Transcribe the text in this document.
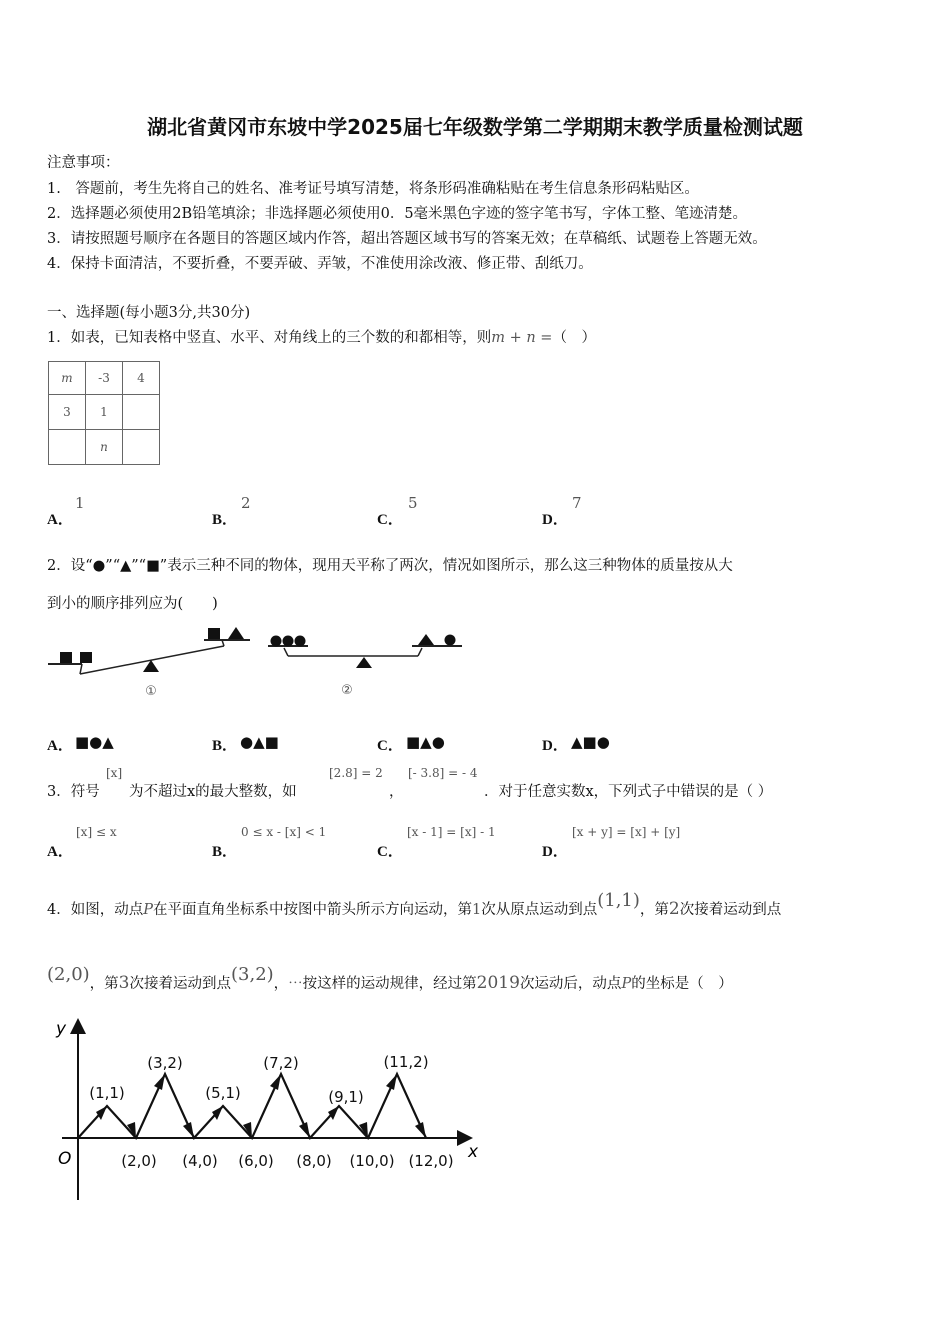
湖北省黄冈市东坡中学2025届七年级数学第二学期期末教学质量检测试题
注意事项：
1.　答题前，考生先将自己的姓名、准考证号填写清楚，将条形码准确粘贴在考生信息条形码粘贴区。
2．选择题必须使用2B铅笔填涂；非选择题必须使用0．5毫米黑色字迹的签字笔书写，字体工整、笔迹清楚。
3．请按照题号顺序在各题目的答题区域内作答，超出答题区域书写的答案无效；在草稿纸、试题卷上答题无效。
4．保持卡面清洁，不要折叠，不要弄破、弄皱，不准使用涂改液、修正带、刮纸刀。
一、选择题(每小题3分,共30分)
1．如表，已知表格中竖直、水平、对角线上的三个数的和都相等，则m + n =（　）
m	-3	4
3	1	
	n	
A．
1
B．
2
C．
5
D．
7
2．设“●”“▲”“■”表示三种不同的物体，现用天平称了两次，情况如图所示，那么这三种物体的质量按从大
到小的顺序排列应为(　　)
①	②
A． ■●▲	B． ●▲■	C． ■▲●	D． ▲■●
3．符号
[x]
为不超过x的最大整数，如
[2.8] = 2
，
[- 3.8] = - 4
．对于任意实数x，下列式子中错误的是（ ）
A．
[x] ≤ x
B．
0 ≤ x - [x] < 1
C．
[x - 1] = [x] - 1
D．
[x + y] = [x] + [y]
4．如图，动点P在平面直角坐标系中按图中箭头所示方向运动，第1次从原点运动到点(1,1)，第2次接着运动到点
(2,0)，第3次接着运动到点(3,2)，⋯按这样的运动规律，经过第2019次运动后，动点P的坐标是（　）
y
x
O
(1,1)
(3,2)
(5,1)
(7,2)
(9,1)
(11,2)
(2,0) (4,0) (6,0) (8,0) (10,0) (12,0)
